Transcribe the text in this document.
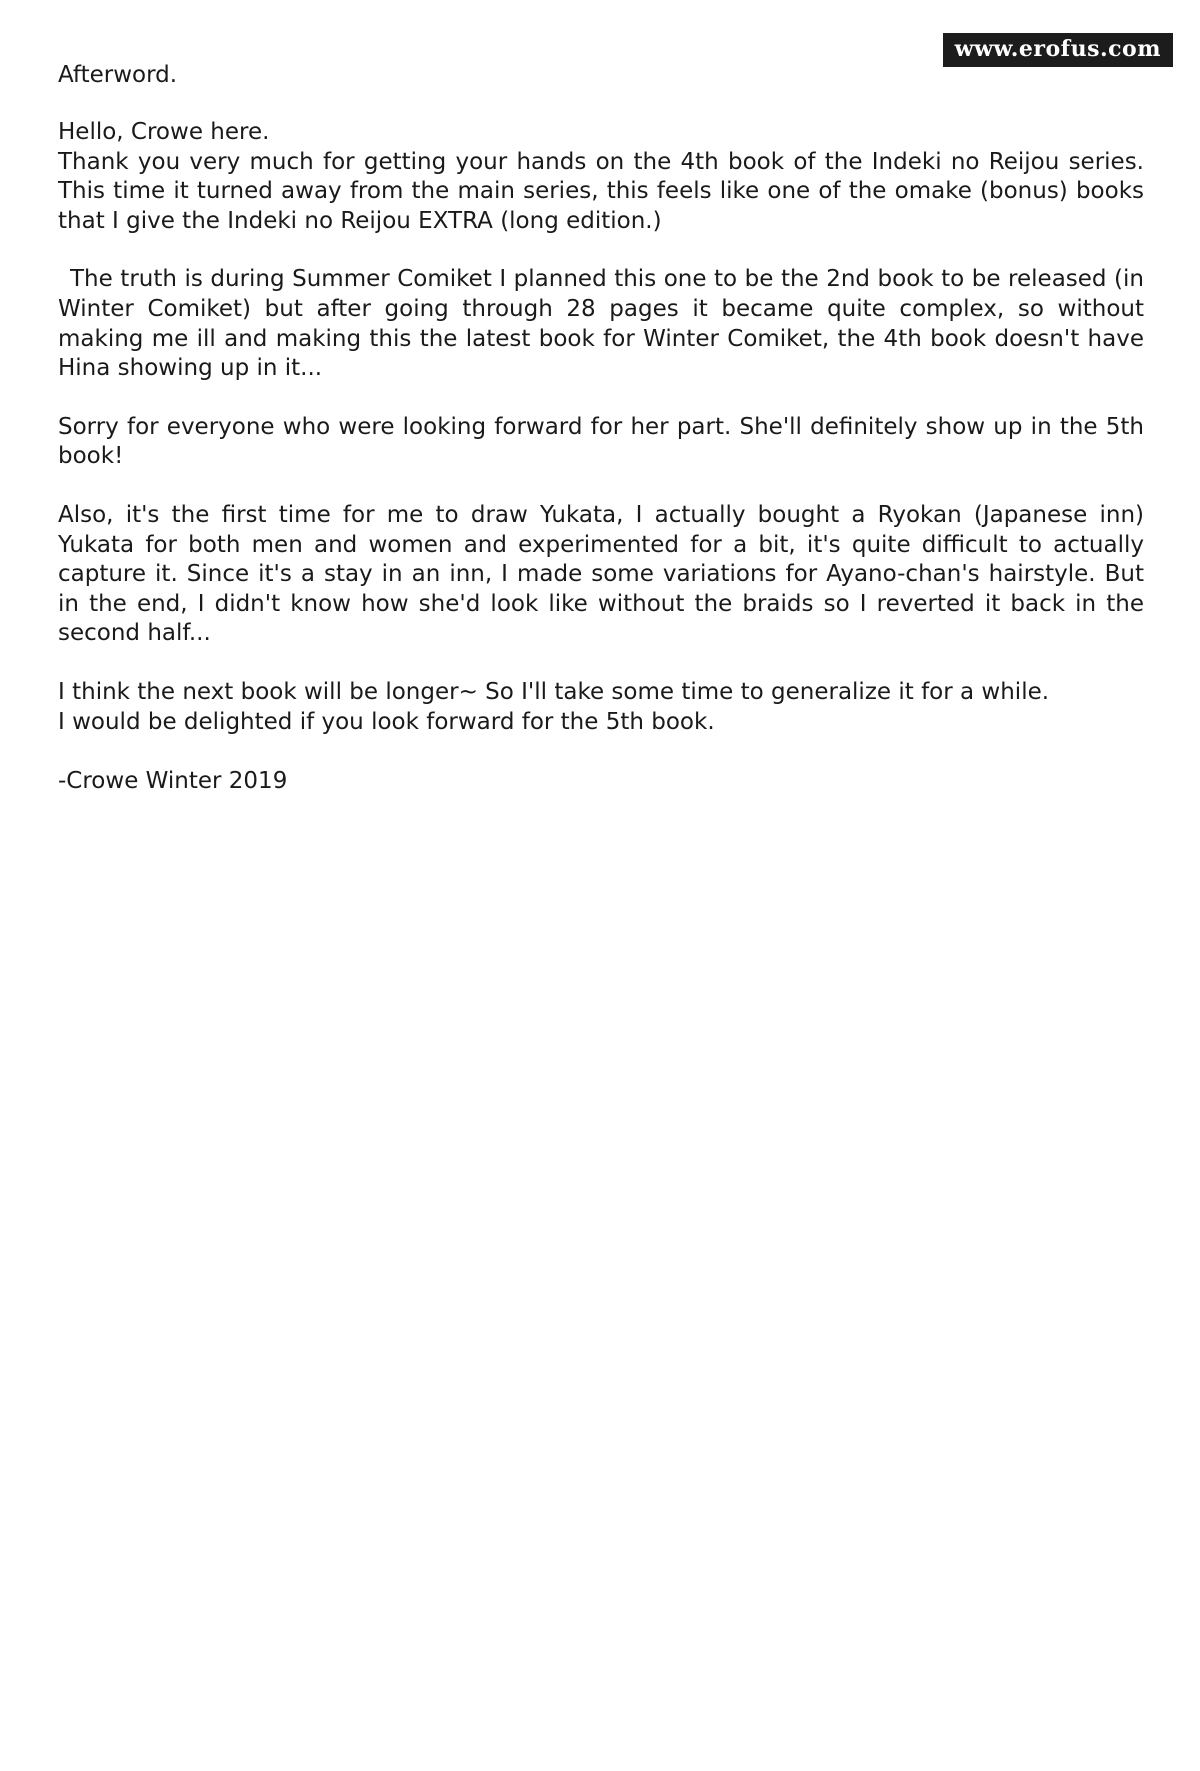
www.erofus.com
Afterword.
Hello, Crowe here.
Thank you very much for getting your hands on the 4th book of the Indeki no Reijou series. This time it turned away from the main series, this feels like one of the omake (bonus) books that I give the Indeki no Reijou EXTRA (long edition.)
The truth is during Summer Comiket I planned this one to be the 2nd book to be released (in Winter Comiket) but after going through 28 pages it became quite complex, so without making me ill and making this the latest book for Winter Comiket, the 4th book doesn't have Hina showing up in it...
Sorry for everyone who were looking forward for her part. She'll definitely show up in the 5th book!
Also, it's the first time for me to draw Yukata, I actually bought a Ryokan (Japanese inn) Yukata for both men and women and experimented for a bit, it's quite difficult to actually capture it. Since it's a stay in an inn, I made some variations for Ayano-chan's hairstyle. But in the end, I didn't know how she'd look like without the braids so I reverted it back in the second half...
I think the next book will be longer~ So I'll take some time to generalize it for a while.
I would be delighted if you look forward for the 5th book.
-Crowe Winter 2019
